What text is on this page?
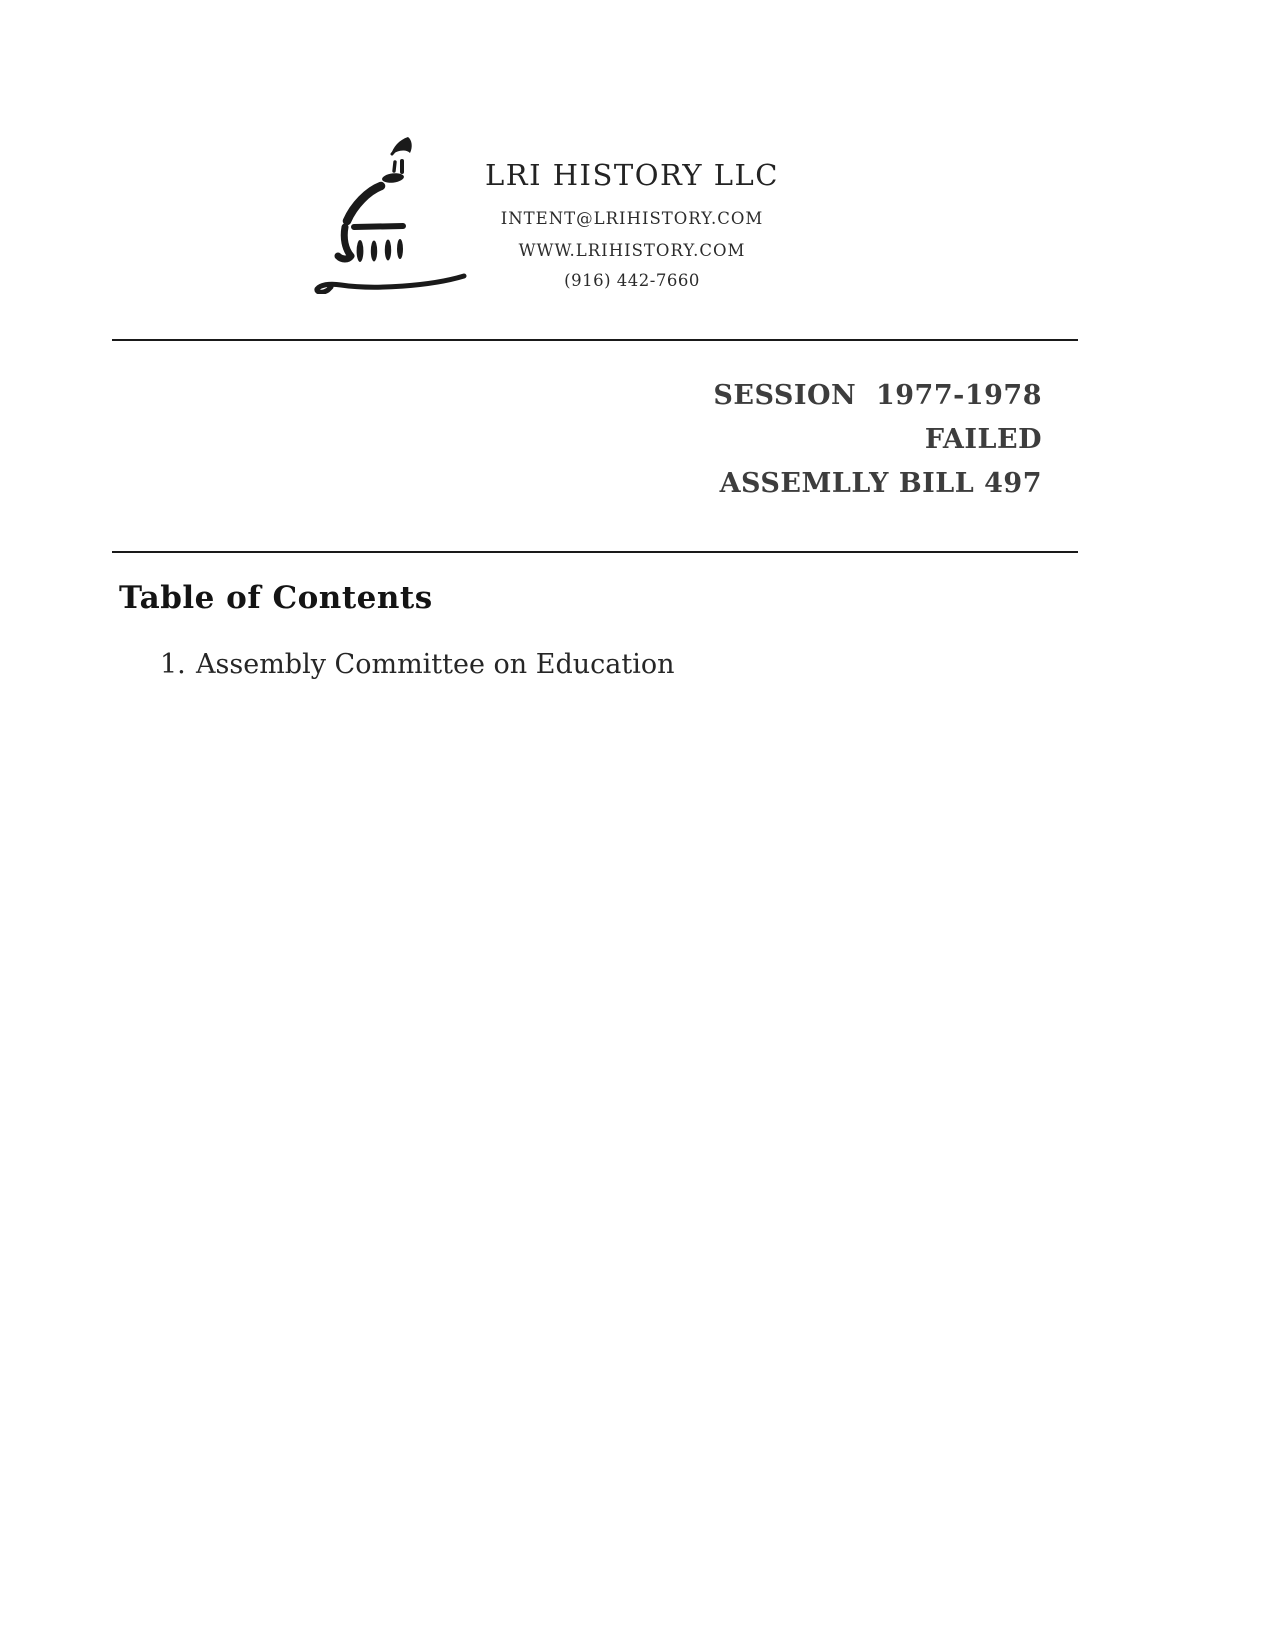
LRI HISTORY LLC
INTENT@LRIHISTORY.COM
WWW.LRIHISTORY.COM
(916) 442-7660
SESSION  1977-1978
FAILED
ASSEMLLY BILL 497
Table of Contents
1. Assembly Committee on Education
